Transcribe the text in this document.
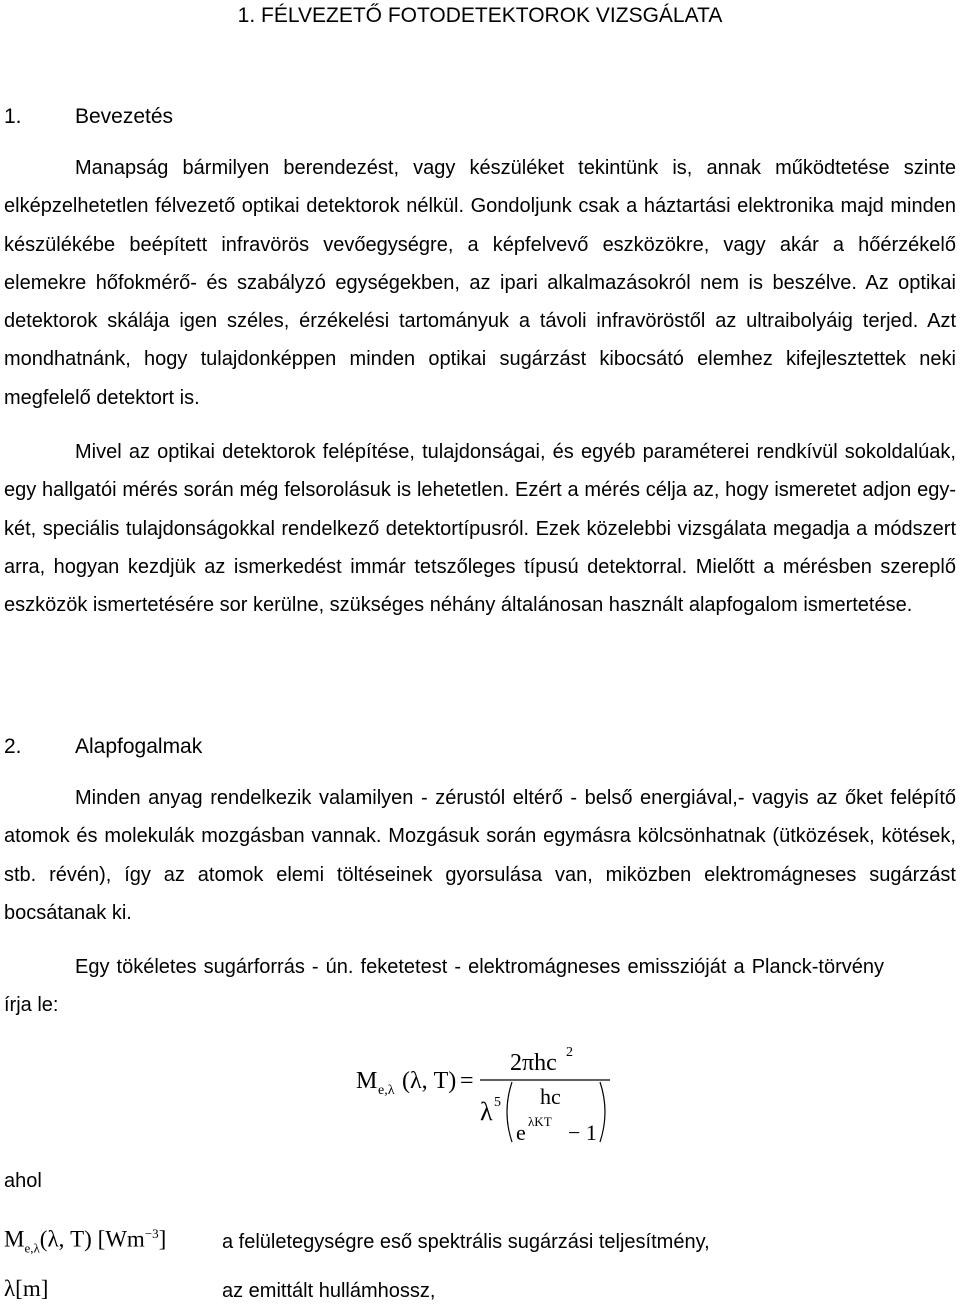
1. FÉLVEZETŐ FOTODETEKTOROK VIZSGÁLATA
1.	Bevezetés
Manapság bármilyen berendezést, vagy készüléket tekintünk is, annak működtetése szinte elképzelhetetlen félvezető optikai detektorok nélkül. Gondoljunk csak a háztartási elektronika majd minden készülékébe beépített infravörös vevőegységre, a képfelvevő eszközökre, vagy akár a hőérzékelő elemekre hőfokmérő- és szabályzó egységekben, az ipari alkalmazásokról nem is beszélve. Az optikai detektorok skálája igen széles, érzékelési tartományuk a távoli infravöröstől az ultraibolyáig terjed. Azt mondhatnánk, hogy tulajdonképpen minden optikai sugárzást kibocsátó elemhez kifejlesztettek neki megfelelő detektort is.
Mivel az optikai detektorok felépítése, tulajdonságai, és egyéb paraméterei rendkívül sokoldalúak, egy hallgatói mérés során még felsorolásuk is lehetetlen. Ezért a mérés célja az, hogy ismeretet adjon egy-két, speciális tulajdonságokkal rendelkező detektortípusról. Ezek közelebbi vizsgálata megadja a módszert arra, hogyan kezdjük az ismerkedést immár tetszőleges típusú detektorral. Mielőtt a mérésben szereplő eszközök ismertetésére sor kerülne, szükséges néhány általánosan használt alapfogalom ismertetése.
2.	Alapfogalmak
Minden anyag rendelkezik valamilyen - zérustól eltérő - belső energiával,- vagyis az őket felépítő atomok és molekulák mozgásban vannak. Mozgásuk során egymásra kölcsönhatnak (ütközések, kötések, stb. révén), így az atomok elemi töltéseinek gyorsulása van, miközben elektromágneses sugárzást bocsátanak ki.
Egy tökéletes sugárforrás - ún. feketetest - elektromágneses emisszióját a Planck-törvény írja le:
M e,λ (λ, T) =
2πhc 2
λ 5 hc
e λKT − 1
ahol
$M_{e,\lambda}(\lambda$, T) $[Wm^{-3}]$	a felületegységre eső spektrális sugárzási teljesítmény,
λ[m]	az emittált hullámhossz,
